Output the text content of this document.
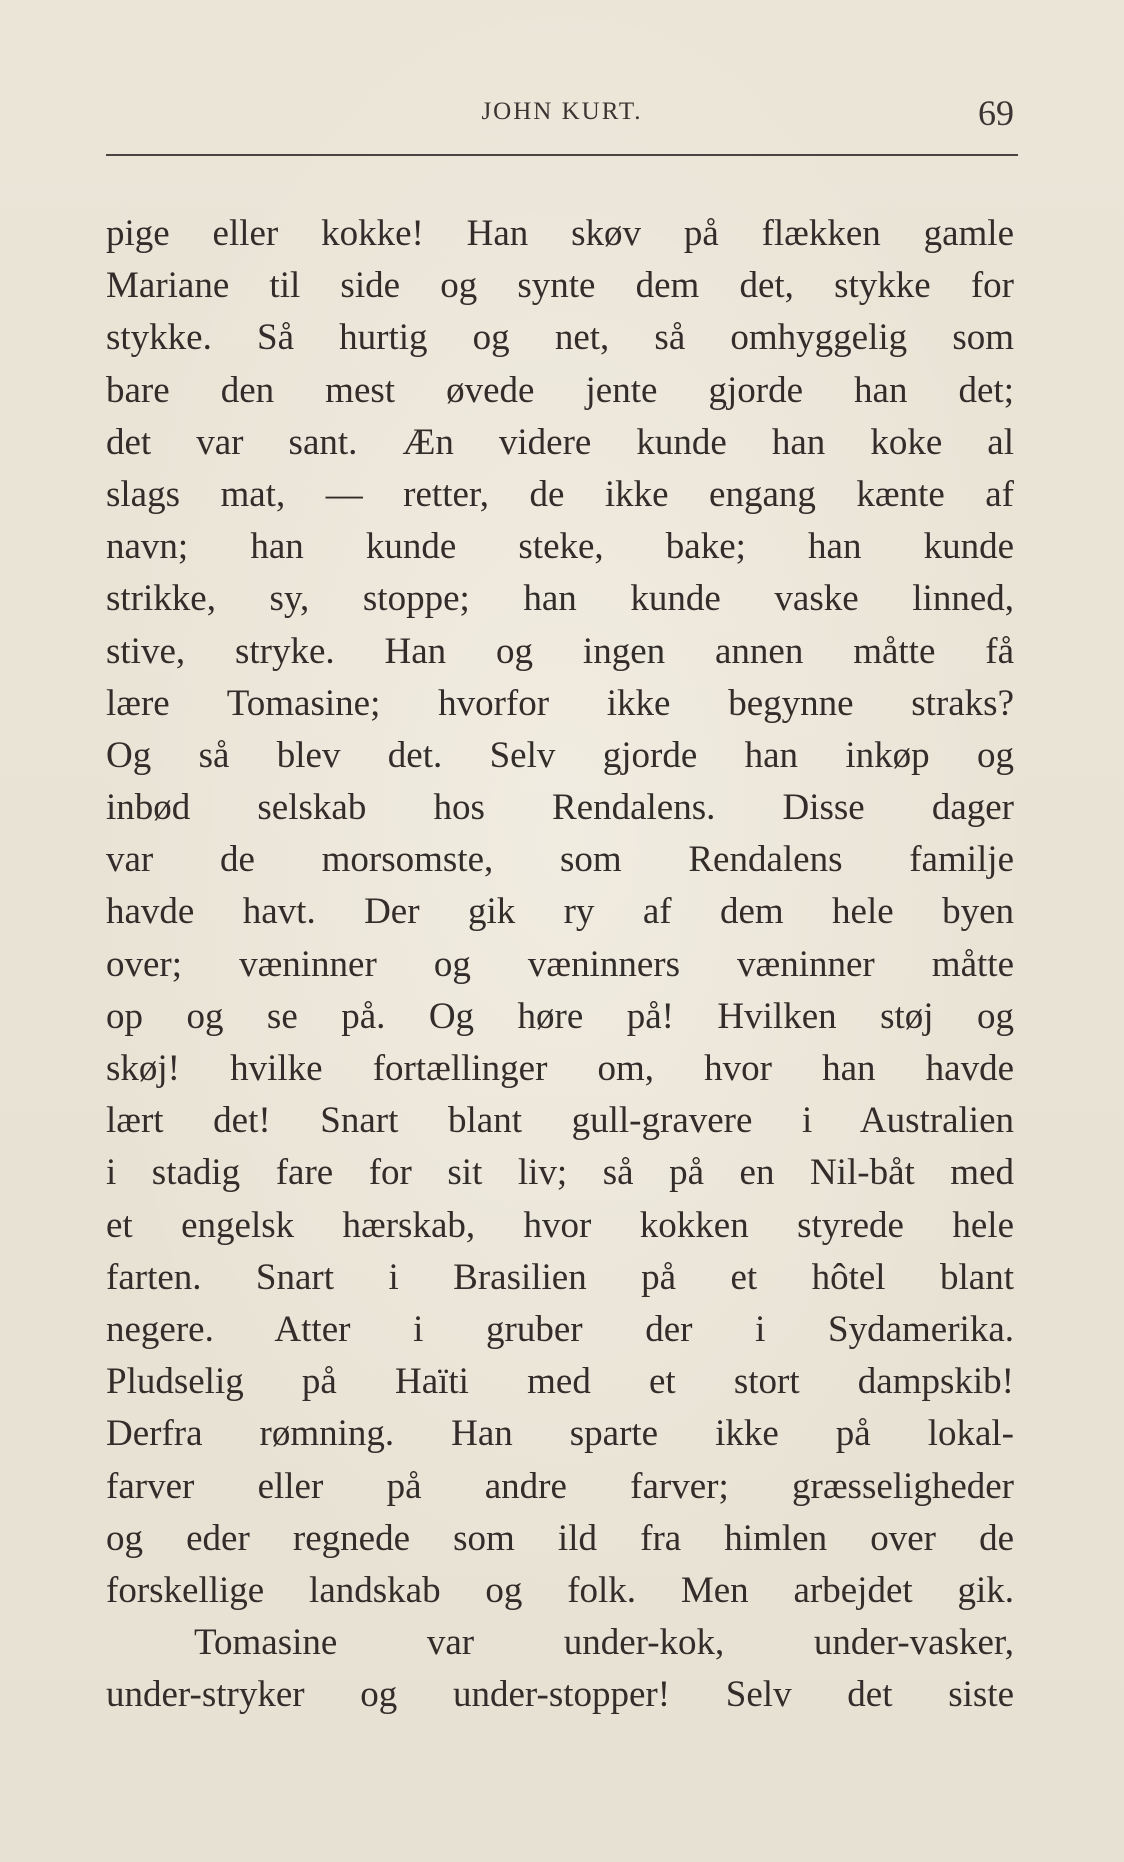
JOHN KURT.	69
pige eller kokke! Han skøv på flækken gamle
Mariane til side og synte dem det, stykke for
stykke. Så hurtig og net, så omhyggelig som
bare den mest øvede jente gjorde han det;
det var sant. Æn videre kunde han koke al
slags mat, — retter, de ikke engang kænte af
navn; han kunde steke, bake; han kunde
strikke, sy, stoppe; han kunde vaske linned,
stive, stryke. Han og ingen annen måtte få
lære Tomasine; hvorfor ikke begynne straks?
Og så blev det. Selv gjorde han inkøp og
inbød selskab hos Rendalens. Disse dager
var de morsomste, som Rendalens familje
havde havt. Der gik ry af dem hele byen
over; væninner og væninners væninner måtte
op og se på. Og høre på! Hvilken støj og
skøj! hvilke fortællinger om, hvor han havde
lært det! Snart blant gull-gravere i Australien
i stadig fare for sit liv; så på en Nil-båt med
et engelsk hærskab, hvor kokken styrede hele
farten. Snart i Brasilien på et hôtel blant
negere. Atter i gruber der i Sydamerika.
Pludselig på Haïti med et stort dampskib!
Derfra rømning. Han sparte ikke på lokal-
farver eller på andre farver; græsseligheder
og eder regnede som ild fra himlen over de
forskellige landskab og folk. Men arbejdet gik.
Tomasine var under-kok, under-vasker,
under-stryker og under-stopper! Selv det siste
